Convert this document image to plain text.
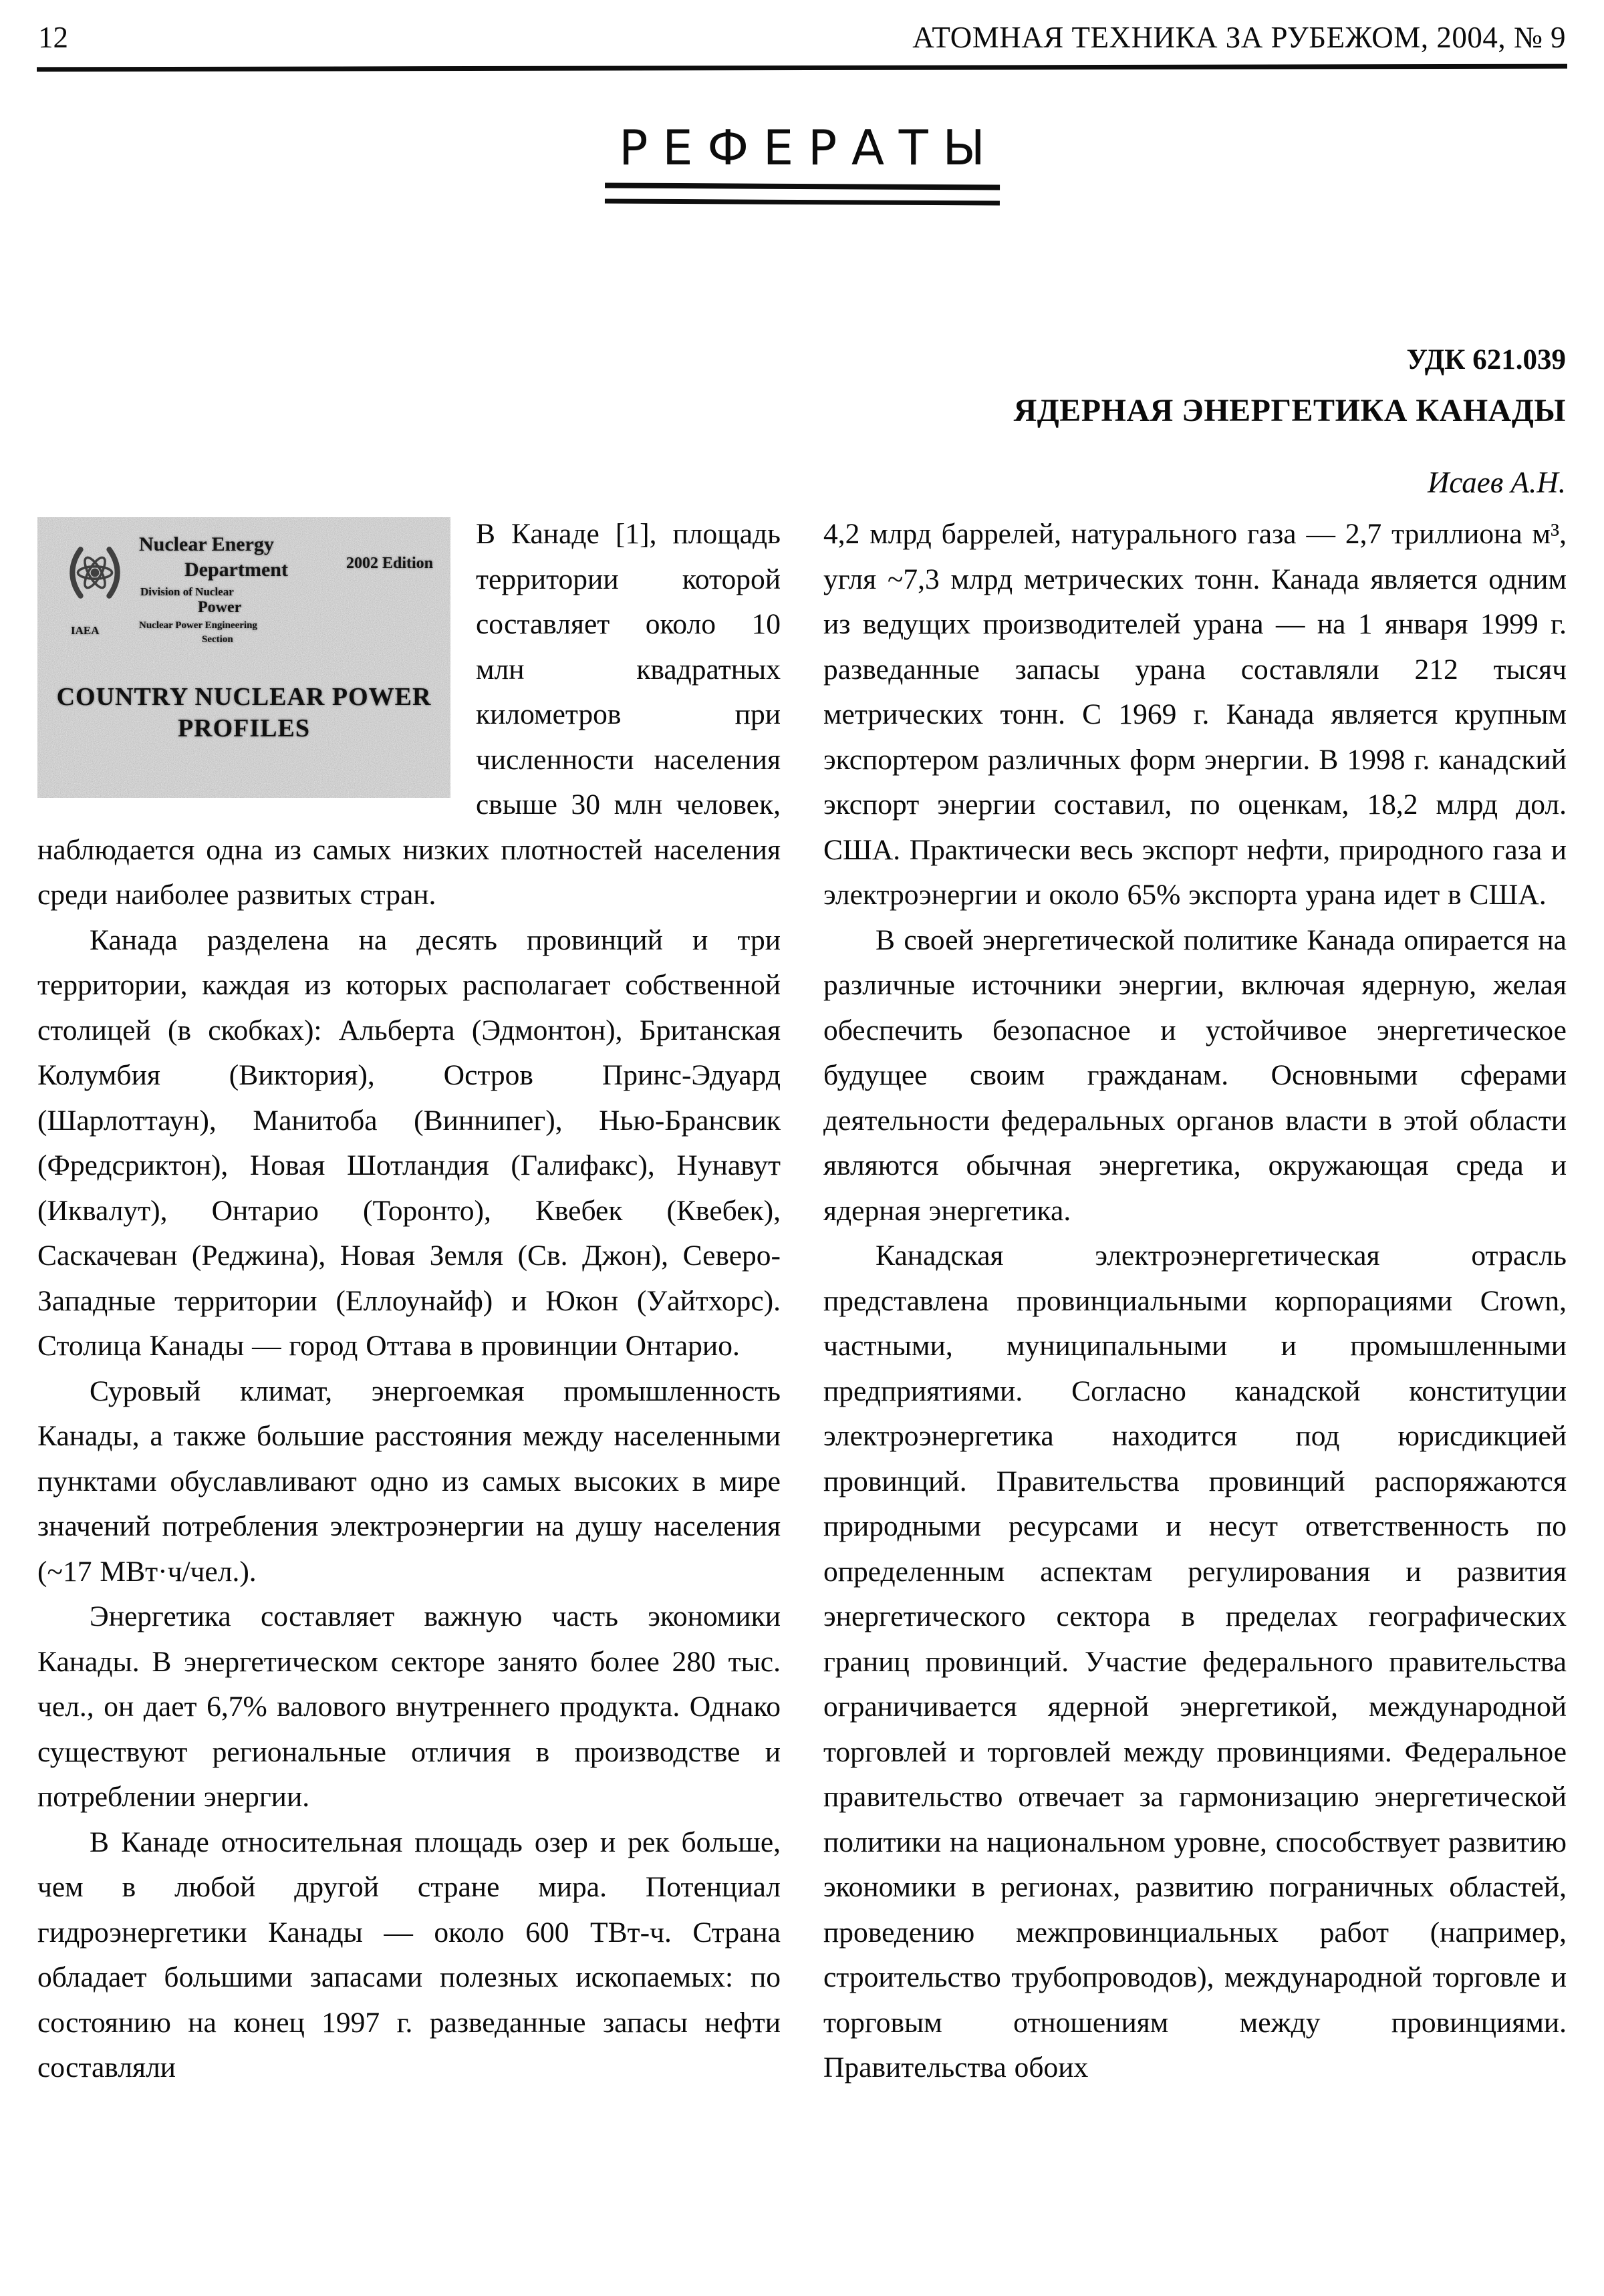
12	АТОМНАЯ ТЕХНИКА ЗА РУБЕЖОМ, 2004, № 9
РЕФЕРАТЫ
УДК 621.039
ЯДЕРНАЯ ЭНЕРГЕТИКА КАНАДЫ
Исаев А.Н.
Nuclear Energy
Department
Division of Nuclear
Power
Nuclear Power Engineering
Section
2002 Edition
IAEA
COUNTRY NUCLEAR POWER
PROFILES

В Канаде [1], площадь территории которой составляет около 10 млн квадратных километров при численности населения свыше 30 млн человек, наблюдается одна из самых низких плотностей населения среди наиболее развитых стран.

Канада разделена на десять провинций и три территории, каждая из которых располагает собственной столицей (в скобках): Альберта (Эдмонтон), Британская Колумбия (Виктория), Остров Принс-Эдуард (Шарлоттаун), Манитоба (Виннипег), Нью-Брансвик (Фредсриктон), Новая Шотландия (Галифакс), Нунавут (Иквалут), Онтарио (Торонто), Квебек (Квебек), Саскачеван (Реджина), Новая Земля (Св. Джон), Северо-Западные территории (Еллоунайф) и Юкон (Уайтхорс). Столица Канады — город Оттава в провинции Онтарио.

Суровый климат, энергоемкая промышленность Канады, а также большие расстояния между населенными пунктами обуславливают одно из самых высоких в мире значений потребления электроэнергии на душу населения (~17 МВт·ч/чел.).

Энергетика составляет важную часть экономики Канады. В энергетическом секторе занято более 280 тыс. чел., он дает 6,7% валового внутреннего продукта. Однако существуют региональные отличия в производстве и потреблении энергии.

В Канаде относительная площадь озер и рек больше, чем в любой другой стране мира. Потенциал гидроэнергетики Канады — около 600 ТВт-ч. Страна обладает большими запасами полезных ископаемых: по состоянию на конец 1997 г. разведанные запасы нефти составляли

4,2 млрд баррелей, натурального газа — 2,7 триллиона м³, угля ~7,3 млрд метрических тонн. Канада является одним из ведущих производителей урана — на 1 января 1999 г. разведанные запасы урана составляли 212 тысяч метрических тонн. С 1969 г. Канада является крупным экспортером различных форм энергии. В 1998 г. канадский экспорт энергии составил, по оценкам, 18,2 млрд дол. США. Практически весь экспорт нефти, природного газа и электроэнергии и около 65% экспорта урана идет в США.

В своей энергетической политике Канада опирается на различные источники энергии, включая ядерную, желая обеспечить безопасное и устойчивое энергетическое будущее своим гражданам. Основными сферами деятельности федеральных органов власти в этой области являются обычная энергетика, окружающая среда и ядерная энергетика.

Канадская электроэнергетическая отрасль представлена провинциальными корпорациями Crown, частными, муниципальными и промышленными предприятиями. Согласно канадской конституции электроэнергетика находится под юрисдикцией провинций. Правительства провинций распоряжаются природными ресурсами и несут ответственность по определенным аспектам регулирования и развития энергетического сектора в пределах географических границ провинций. Участие федерального правительства ограничивается ядерной энергетикой, международной торговлей и торговлей между провинциями. Федеральное правительство отвечает за гармонизацию энергетической политики на национальном уровне, способствует развитию экономики в регионах, развитию пограничных областей, проведению межпровинциальных работ (например, строительство трубопроводов), международной торговле и торговым отношениям между провинциями. Правительства обоих
